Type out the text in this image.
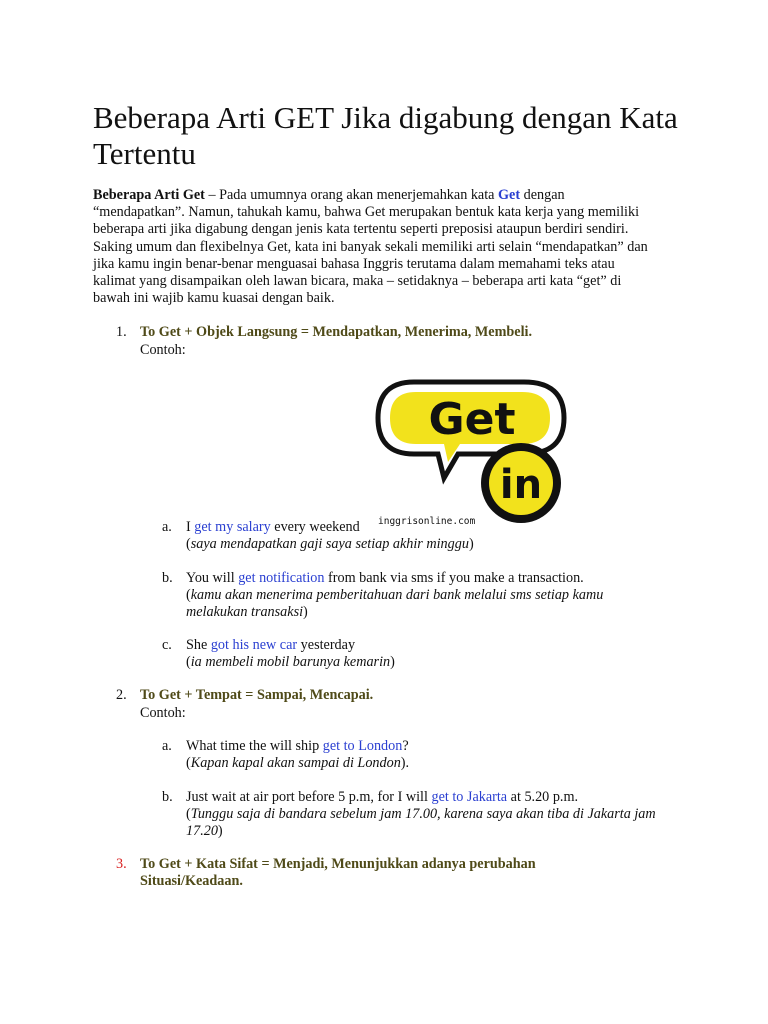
Beberapa Arti GET Jika digabung dengan Kata Tertentu

Beberapa Arti Get – Pada umumnya orang akan menerjemahkan kata Get dengan “mendapatkan”. Namun, tahukah kamu, bahwa Get merupakan bentuk kata kerja yang memiliki beberapa arti jika digabung dengan jenis kata tertentu seperti preposisi ataupun berdiri sendiri. Saking umum dan flexibelnya Get, kata ini banyak sekali memiliki arti selain “mendapatkan” dan jika kamu ingin benar-benar menguasai bahasa Inggris terutama dalam memahami teks atau kalimat yang disampaikan oleh lawan bicara, maka – setidaknya – beberapa arti kata “get” di bawah ini wajib kamu kuasai dengan baik.

1. To Get + Objek Langsung = Mendapatkan, Menerima, Membeli.
Contoh:
Get
in
inggrisonline.com
a. I get my salary every weekend
(saya mendapatkan gaji saya setiap akhir minggu)
b. You will get notification from bank via sms if you make a transaction.
(kamu akan menerima pemberitahuan dari bank melalui sms setiap kamu melakukan transaksi)
c. She got his new car yesterday
(ia membeli mobil barunya kemarin)
2. To Get + Tempat = Sampai, Mencapai.
Contoh:
a. What time the will ship get to London?
(Kapan kapal akan sampai di London).
b. Just wait at air port before 5 p.m, for I will get to Jakarta at 5.20 p.m.
(Tunggu saja di bandara sebelum jam 17.00, karena saya akan tiba di Jakarta jam 17.20)
3. To Get + Kata Sifat = Menjadi, Menunjukkan adanya perubahan Situasi/Keadaan.
